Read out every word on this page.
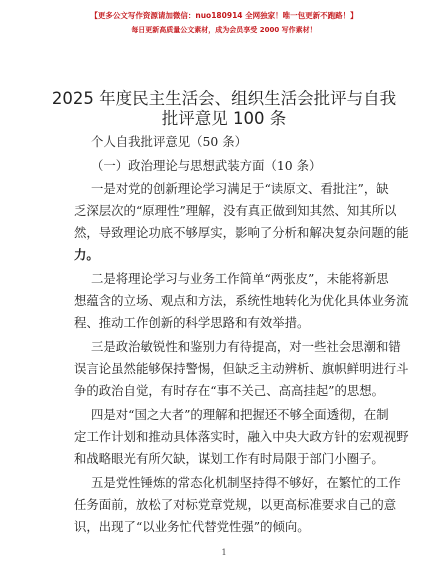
【更多公文写作资源请加微信：nuo180914 全网独家！唯一包更新不跑路！】
每日更新高质量公文素材，成为会员享受 2000 写作素材！
2025 年度民主生活会、组织生活会批评与自我
批评意见 100 条
个人自我批评意见（50 条）
（一）政治理论与思想武装方面（10 条）
一是对党的创新理论学习满足于“读原文、看批注”，缺
乏深层次的“原理性”理解，没有真正做到知其然、知其所以
然，导致理论功底不够厚实，影响了分析和解决复杂问题的能
力。
二是将理论学习与业务工作简单“两张皮”，未能将新思
想蕴含的立场、观点和方法，系统性地转化为优化具体业务流
程、推动工作创新的科学思路和有效举措。
三是政治敏锐性和鉴别力有待提高，对一些社会思潮和错
误言论虽然能够保持警惕，但缺乏主动辨析、旗帜鲜明进行斗
争的政治自觉，有时存在“事不关己、高高挂起”的思想。
四是对“国之大者”的理解和把握还不够全面透彻，在制
定工作计划和推动具体落实时，融入中央大政方针的宏观视野
和战略眼光有所欠缺，谋划工作有时局限于部门小圈子。
五是党性锤炼的常态化机制坚持得不够好，在繁忙的工作
任务面前，放松了对标党章党规，以更高标准要求自己的意
识，出现了“以业务忙代替党性强”的倾向。
1
